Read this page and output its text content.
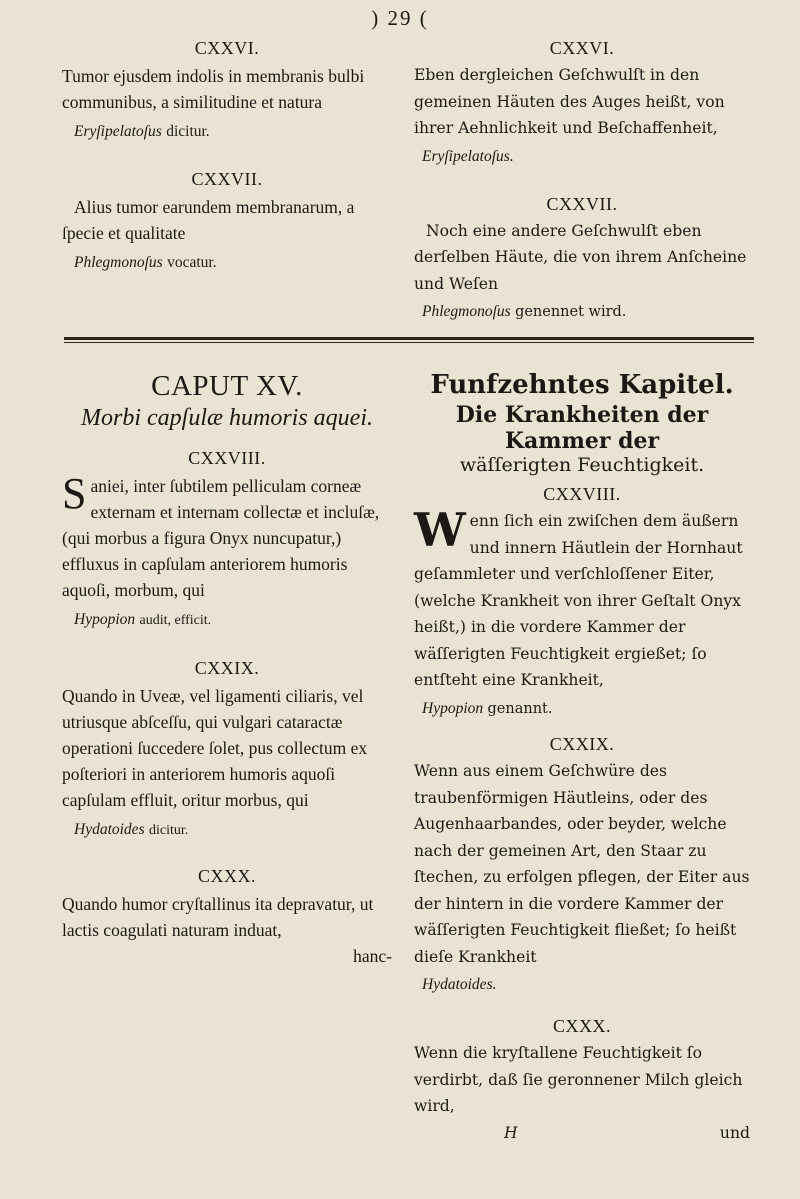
) 29 (
CXXVI.
Tumor ejusdem indolis in membranis bulbi communibus, a similitudine et natura
Eryſipelatoſus dicitur.
CXXVII.
Alius tumor earundem membranarum, a ſpecie et qualitate
Phlegmonoſus vocatur.
CAPUT XV.
Morbi capſulæ humoris aquei.
CXXVIII.
Saniei, inter ſubtilem pelliculam corneæ externam et internam collectæ et incluſæ, (qui morbus a figura Onyx nuncupatur,) effluxus in capſulam anteriorem humoris aquoſi, morbum, qui
Hypopion audit, efficit.
CXXIX.
Quando in Uveæ, vel ligamenti ciliaris, vel utriusque abſceſſu, qui vulgari cataractæ operationi ſuccedere ſolet, pus collectum ex poſteriori in anteriorem humoris aquoſi capſulam effluit, oritur morbus, qui
Hydatoides dicitur.
CXXX.
Quando humor cryſtallinus ita depravatur, ut lactis coagulati naturam induat,
hanc-
CXXVI.
Eben dergleichen Geſchwulſt in den gemeinen Häuten des Auges heißt, von ihrer Aehnlichkeit und Beſchaffenheit,
Eryſipelatoſus.
CXXVII.
Noch eine andere Geſchwulſt eben derſelben Häute, die von ihrem Anſcheine und Weſen
Phlegmonoſus genennet wird.
Funfzehntes Kapitel.
Die Krankheiten der Kammer der
wäſſerigten Feuchtigkeit.
CXXVIII.
Wenn ſich ein zwiſchen dem äußern und innern Häutlein der Hornhaut geſammleter und verſchloſſener Eiter, (welche Krankheit von ihrer Geſtalt Onyx heißt,) in die vordere Kammer der wäſſerigten Feuchtigkeit ergießet; ſo entſteht eine Krankheit,
Hypopion genannt.
CXXIX.
Wenn aus einem Geſchwüre des traubenförmigen Häutleins, oder des Augenhaarbandes, oder beyder, welche nach der gemeinen Art, den Staar zu ſtechen, zu erfolgen pflegen, der Eiter aus der hintern in die vordere Kammer der wäſſerigten Feuchtigkeit fließet; ſo heißt dieſe Krankheit
Hydatoides.
CXXX.
Wenn die kryſtallene Feuchtigkeit ſo verdirbt, daß ſie geronnener Milch gleich wird,
H	und
